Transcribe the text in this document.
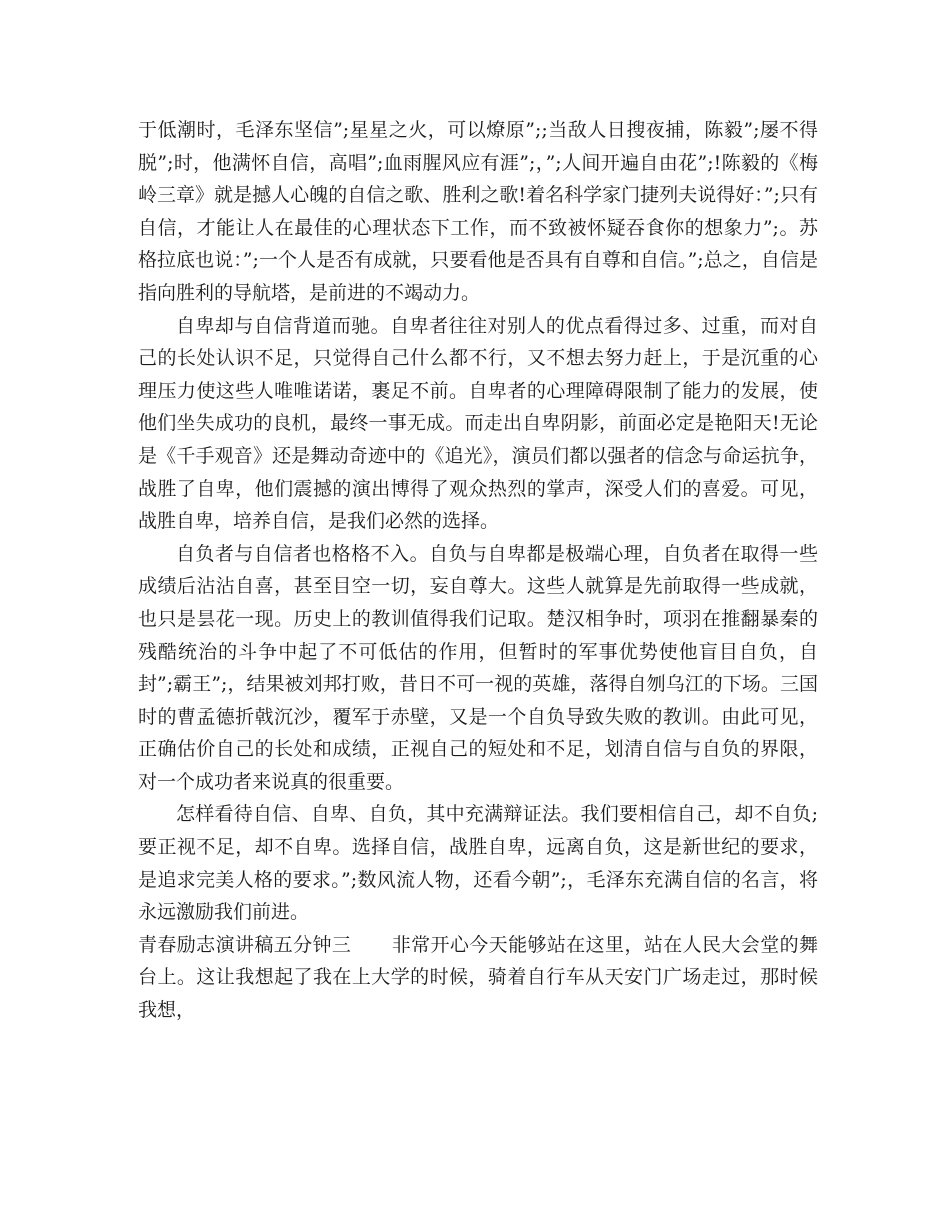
于低潮时，毛泽东坚信”;星星之火，可以燎原”;;当敌人日搜夜捕，陈毅”;屡不得脱”;时，他满怀自信，高唱”;血雨腥风应有涯”;，”;人间开遍自由花”;!陈毅的《梅岭三章》就是撼人心魄的自信之歌、胜利之歌!着名科学家门捷列夫说得好：”;只有自信，才能让人在最佳的心理状态下工作，而不致被怀疑吞食你的想象力”;。苏格拉底也说：”;一个人是否有成就，只要看他是否具有自尊和自信。”;总之，自信是指向胜利的导航塔，是前进的不竭动力。

自卑却与自信背道而驰。自卑者往往对别人的优点看得过多、过重，而对自己的长处认识不足，只觉得自己什么都不行，又不想去努力赶上，于是沉重的心理压力使这些人唯唯诺诺，裹足不前。自卑者的心理障碍限制了能力的发展，使他们坐失成功的良机，最终一事无成。而走出自卑阴影，前面必定是艳阳天!无论是《千手观音》还是舞动奇迹中的《追光》，演员们都以强者的信念与命运抗争，战胜了自卑，他们震撼的演出博得了观众热烈的掌声，深受人们的喜爱。可见，战胜自卑，培养自信，是我们必然的选择。

自负者与自信者也格格不入。自负与自卑都是极端心理，自负者在取得一些成绩后沾沾自喜，甚至目空一切，妄自尊大。这些人就算是先前取得一些成就，也只是昙花一现。历史上的教训值得我们记取。楚汉相争时，项羽在推翻暴秦的残酷统治的斗争中起了不可低估的作用，但暂时的军事优势使他盲目自负，自封”;霸王”;，结果被刘邦打败，昔日不可一视的英雄，落得自刎乌江的下场。三国时的曹孟德折戟沉沙，覆军于赤壁，又是一个自负导致失败的教训。由此可见，正确估价自己的长处和成绩，正视自己的短处和不足，划清自信与自负的界限，对一个成功者来说真的很重要。

怎样看待自信、自卑、自负，其中充满辩证法。我们要相信自己，却不自负;要正视不足，却不自卑。选择自信，战胜自卑，远离自负，这是新世纪的要求，是追求完美人格的要求。”;数风流人物，还看今朝”;，毛泽东充满自信的名言，将永远激励我们前进。

青春励志演讲稿五分钟三 非常开心今天能够站在这里，站在人民大会堂的舞台上。这让我想起了我在上大学的时候，骑着自行车从天安门广场走过，那时候我想，
